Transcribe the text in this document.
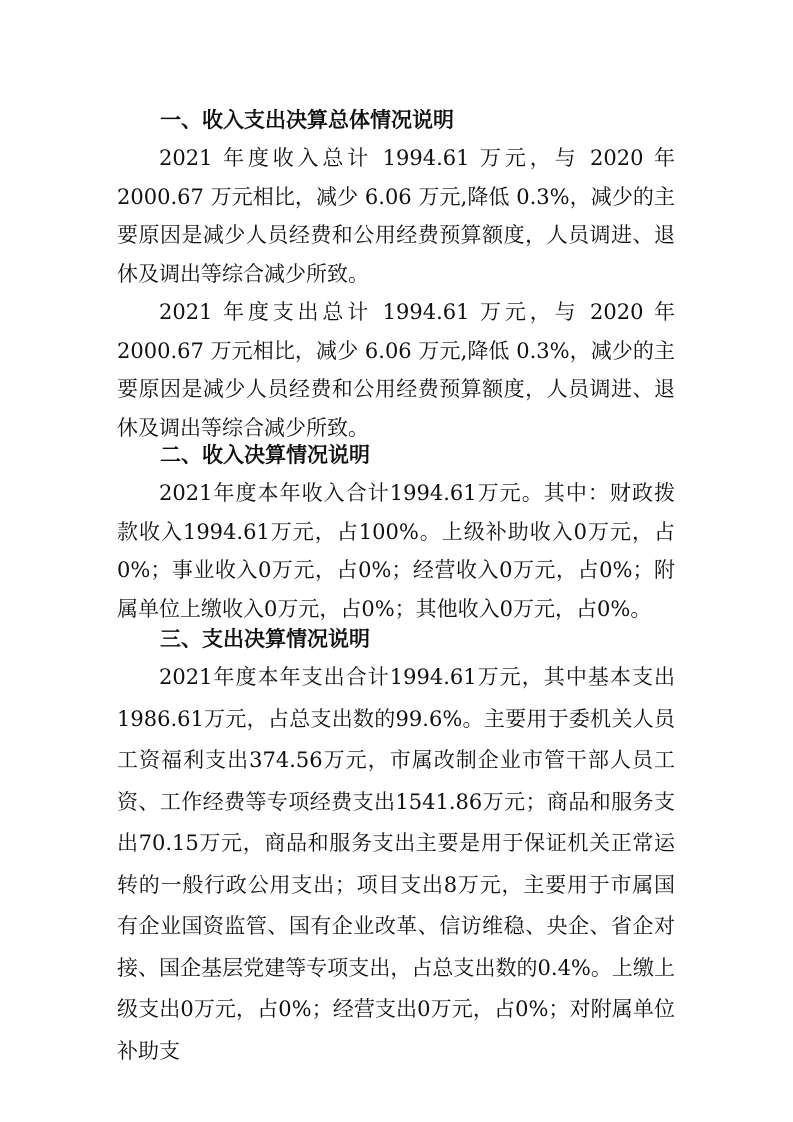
一、收入支出决算总体情况说明

2021 年度收入总计 1994.61 万元，与 2020 年 2000.67 万元相比，减少 6.06 万元,降低 0.3%，减少的主要原因是减少人员经费和公用经费预算额度，人员调进、退休及调出等综合减少所致。

2021 年度支出总计 1994.61 万元，与 2020 年 2000.67 万元相比，减少 6.06 万元,降低 0.3%，减少的主要原因是减少人员经费和公用经费预算额度，人员调进、退休及调出等综合减少所致。

二、收入决算情况说明

2021年度本年收入合计1994.61万元。其中：财政拨款收入1994.61万元，占100%。上级补助收入0万元，占0%；事业收入0万元，占0%；经营收入0万元，占0%；附属单位上缴收入0万元，占0%；其他收入0万元，占0%。

三、支出决算情况说明

2021年度本年支出合计1994.61万元，其中基本支出1986.61万元，占总支出数的99.6%。主要用于委机关人员工资福利支出374.56万元，市属改制企业市管干部人员工资、工作经费等专项经费支出1541.86万元；商品和服务支出70.15万元，商品和服务支出主要是用于保证机关正常运转的一般行政公用支出；项目支出8万元，主要用于市属国有企业国资监管、国有企业改革、信访维稳、央企、省企对接、国企基层党建等专项支出，占总支出数的0.4%。上缴上级支出0万元，占0%；经营支出0万元，占0%；对附属单位补助支
